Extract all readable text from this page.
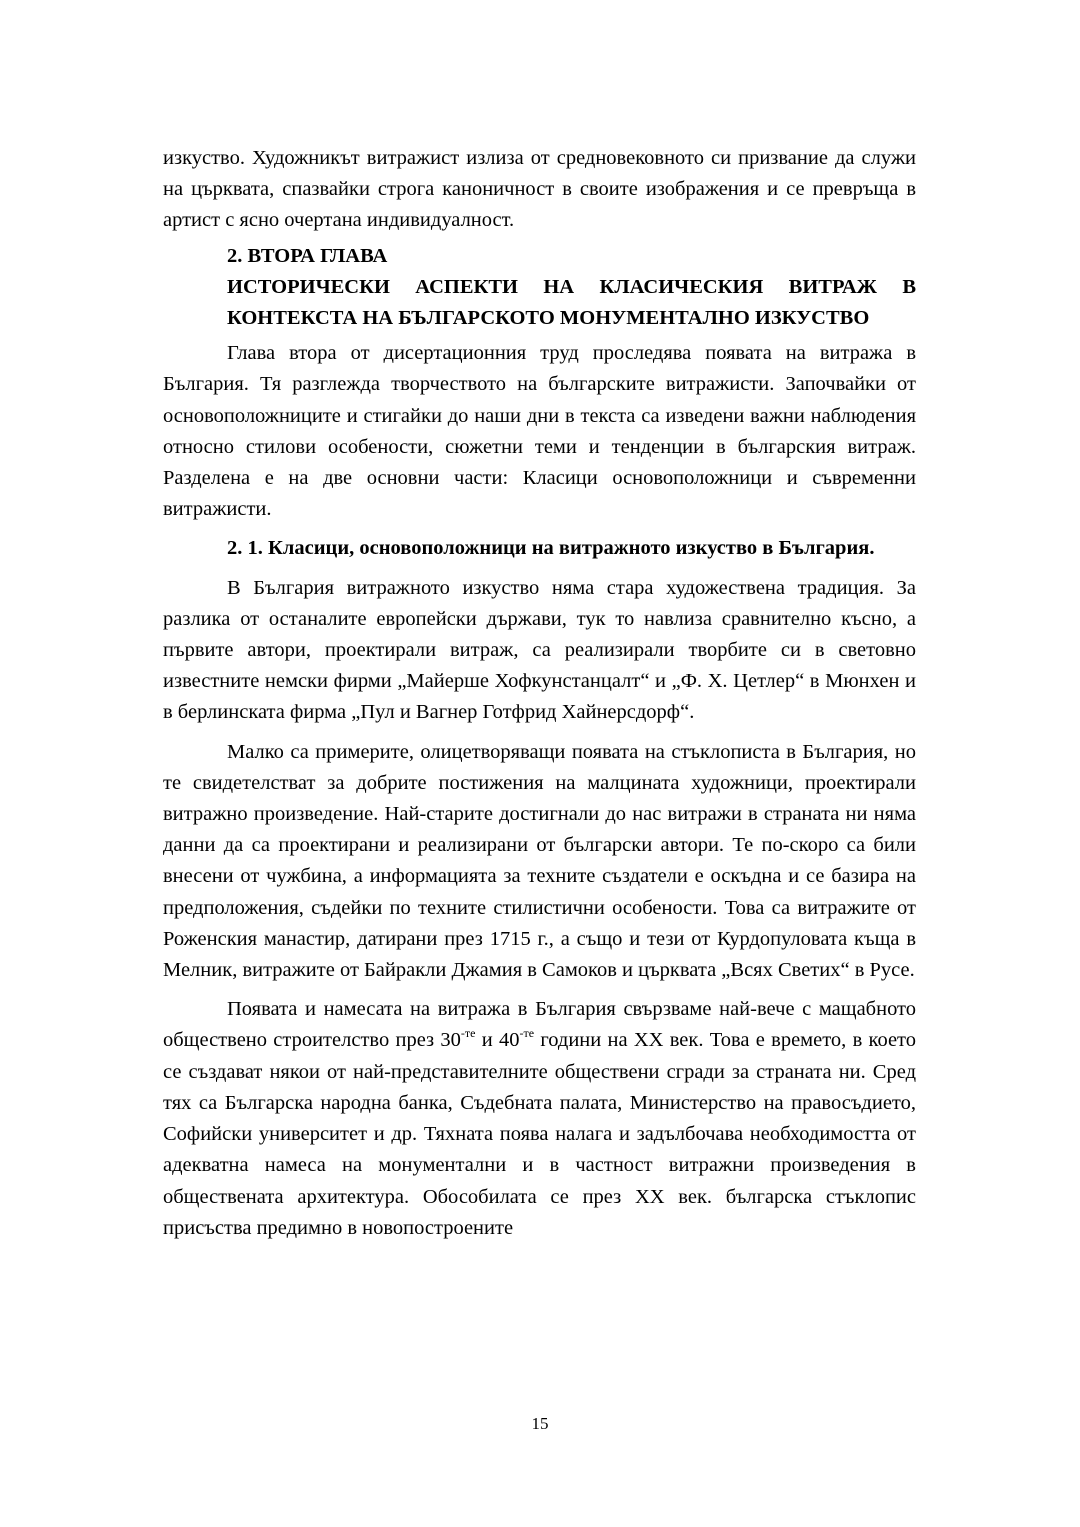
изкуство. Художникът витражист излиза от средновековното си призвание да служи на църквата, спазвайки строга каноничност в своите изображения и се превръща в артист с ясно очертана индивидуалност.

2. ВТОРА ГЛАВА
ИСТОРИЧЕСКИ АСПЕКТИ НА КЛАСИЧЕСКИЯ ВИТРАЖ В КОНТЕКСТА НА БЪЛГАРСКОТО МОНУМЕНТАЛНО ИЗКУСТВО

Глава втора от дисертационния труд проследява появата на витража в България. Тя разглежда творчеството на българските витражисти. Започвайки от основоположниците и стигайки до наши дни в текста са изведени важни наблюдения относно стилови особености, сюжетни теми и тенденции в българския витраж. Разделена е на две основни части: Класици основоположници и съвременни витражисти.

2. 1. Класици, основоположници на витражното изкуство в България.

В България витражното изкуство няма стара художествена традиция. За разлика от останалите европейски държави, тук то навлиза сравнително късно, а първите автори, проектирали витраж, са реализирали творбите си в световно известните немски фирми „Майерше Хофкунстанцалт“ и „Ф. Х. Цетлер“ в Мюнхен и в берлинската фирма „Пул и Вагнер Готфрид Хайнерсдорф“.

Малко са примерите, олицетворяващи появата на стъклописта в България, но те свидетелстват за добрите постижения на малцината художници, проектирали витражно произведение. Най-старите достигнали до нас витражи в страната ни няма данни да са проектирани и реализирани от български автори. Те по-скоро са били внесени от чужбина, а информацията за техните създатели е оскъдна и се базира на предположения, съдейки по техните стилистични особености. Това са витражите от Роженския манастир, датирани през 1715 г., а също и тези от Курдопуловата къща в Мелник, витражите от Байракли Джамия в Самоков и църквата „Всях Светих“ в Русе.

Появата и намесата на витража в България свързваме най-вече с мащабното обществено строителство през $30^{-те}$ и $40^{-те}$ години на ХХ век. Това е времето, в което се създават някои от най-представителните обществени сгради за страната ни. Сред тях са Българска народна банка, Съдебната палата, Министерство на правосъдието, Софийски университет и др. Тяхната поява налага и задълбочава необходимостта от адекватна намеса на монументални и в частност витражни произведения в обществената архитектура. Обособилата се през ХХ век. българска стъклопис присъства предимно в новопостроените

15
